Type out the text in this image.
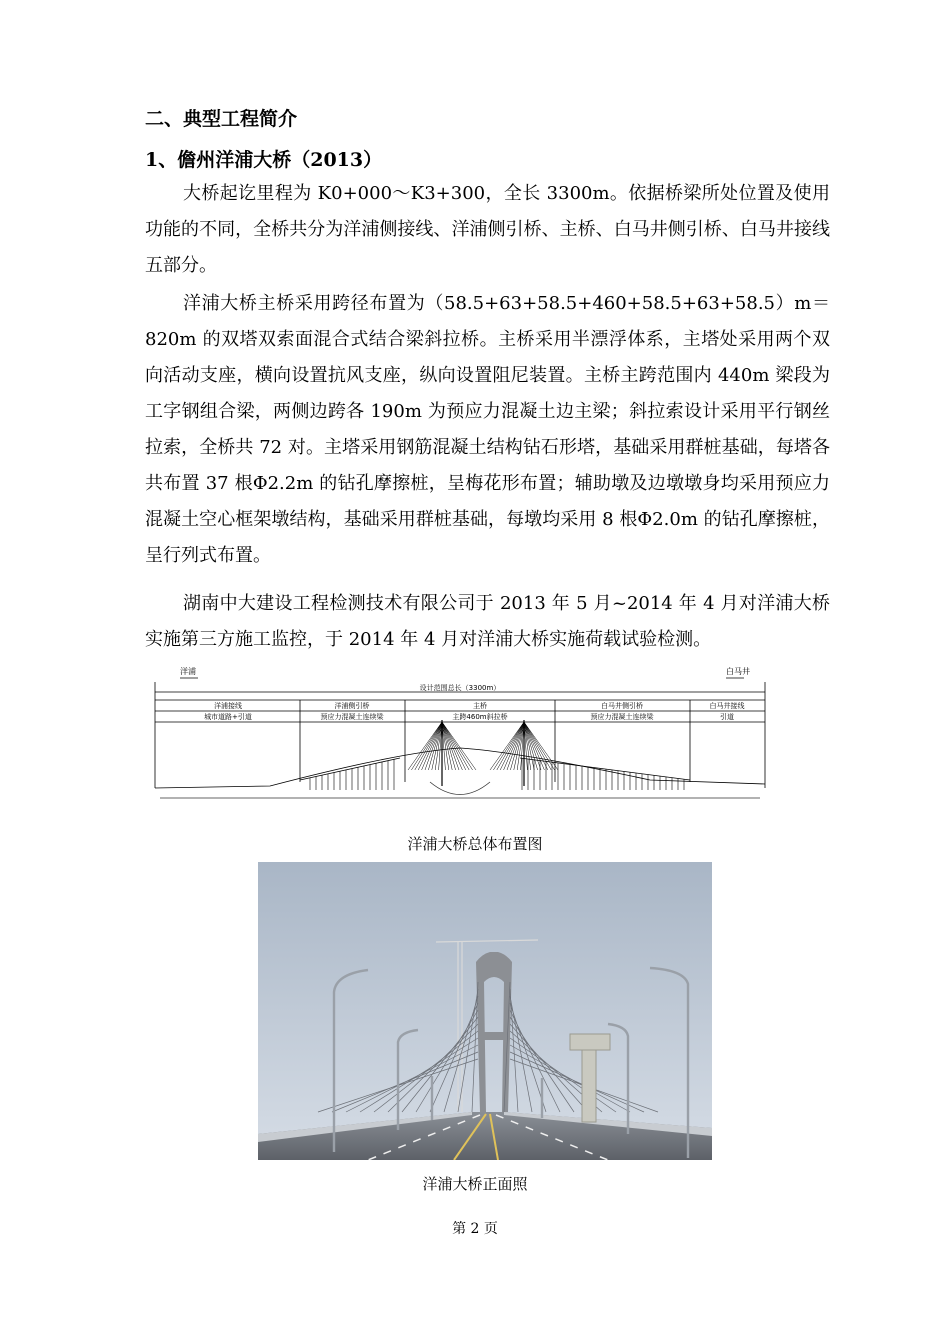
二、典型工程简介
1、儋州洋浦大桥（2013）

大桥起讫里程为 K0+000～K3+300，全长 3300m。依据桥梁所处位置及使用功能的不同，全桥共分为洋浦侧接线、洋浦侧引桥、主桥、白马井侧引桥、白马井接线五部分。

洋浦大桥主桥采用跨径布置为（58.5+63+58.5+460+58.5+63+58.5）m＝820m 的双塔双索面混合式结合梁斜拉桥。主桥采用半漂浮体系，主塔处采用两个双向活动支座，横向设置抗风支座，纵向设置阻尼装置。主桥主跨范围内 440m 梁段为工字钢组合梁，两侧边跨各 190m 为预应力混凝土边主梁；斜拉索设计采用平行钢丝拉索，全桥共 72 对。主塔采用钢筋混凝土结构钻石形塔，基础采用群桩基础，每塔各共布置 37 根Φ2.2m 的钻孔摩擦桩，呈梅花形布置；辅助墩及边墩墩身均采用预应力混凝土空心框架墩结构，基础采用群桩基础，每墩均采用 8 根Φ2.0m 的钻孔摩擦桩，呈行列式布置。

湖南中大建设工程检测技术有限公司于 2013 年 5 月~2014 年 4 月对洋浦大桥实施第三方施工监控，于 2014 年 4 月对洋浦大桥实施荷载试验检测。

洋浦	白马井
设计范围总长（3300m）
洋浦接线
城市道路+引道
洋浦侧引桥
预应力混凝土连续梁
主桥
主跨460m斜拉桥
白马井侧引桥
预应力混凝土连续梁
白马井接线
引道
洋浦大桥总体布置图
洋浦大桥正面照
第 2 页
